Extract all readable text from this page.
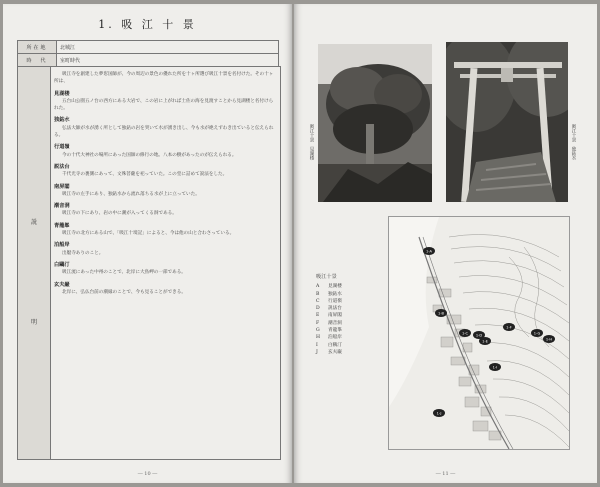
1. 吸 江 十 景
所在地	北城江
時　代	室町時代
説
明

吸江寺を創建した夢窓国師が、今の周辺の景色の優れた所を十ヶ所選び吸江十景を名付けた。その十ヶ所は、

見湖楼

五台山公園五ノ台の西方にある大岩で、この岩に上がれば土佐の海を見渡すことから見湖楼と名付けられた。

独鈷水

弘法大師が水が湧く所として独鈷の岩を突いて水が湧き出し、今も水が絶えずわき出ていると伝えられる。

行道嶺

今の十代大神社の場所にあった国師の修行の地。八本の樹があったのが伝えられる。

説法台

千代光寺の裏側にあって、文殊菩薩を祀っていた。この堂に詰めて説法をした。

南屏閣

吸江寺の左手にあり、独鈷水から流れ落ちる水が上に立っていた。

潮音洞

吸江寺の下にあり、岩の中に潮が入ってくる洞である。

青龍峯

吸江寺の北方にある山で、「吸江十境記」によると、今は他の山と合わさっている。

泊船岸

出艇寺ありのこと。

白鷗汀

吸江流にあった中州のことで、北岸に大鳥岬の一部である。

玄夫巌

北岸に、弘仏台前の潮縁のことで、今も見ることができる。

― 10 ―
吸江十景　見湖楼	吸江十景　独鈷水
吸江十景
A	見湖楼
B	独鈷水
C	行道嶺
D	説法台
E	南屏閣
F	潮音洞
G	青龍峯
H	泊船岸
I	白鷗汀
J	玄夫巌
1-A
1-B
1-C 1-D
1-E
1-F
1-G
1-H
1-I
1-J
― 11 ―
